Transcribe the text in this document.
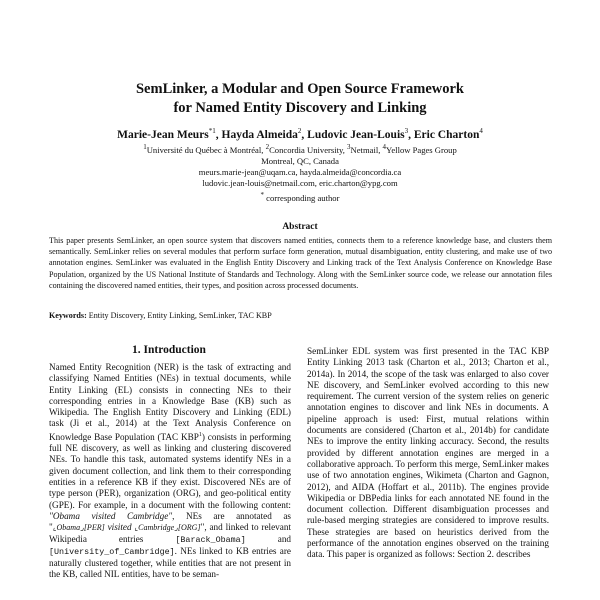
SemLinker, a Modular and Open Source Framework
for Named Entity Discovery and Linking
Marie-Jean Meurs$^{*1}$, Hayda Almeida$^2$, Ludovic Jean-Louis$^3$, Eric Charton$^4$
$^1$Université du Québec à Montréal, $^2$Concordia University, $^3$Netmail, $^4$Yellow Pages Group
Montreal, QC, Canada
meurs.marie-jean@uqam.ca, hayda.almeida@concordia.ca
ludovic.jean-louis@netmail.com, eric.charton@ypg.com
* corresponding author
Abstract
This paper presents SemLinker, an open source system that discovers named entities, connects them to a reference knowledge base, and clusters them semantically. SemLinker relies on several modules that perform surface form generation, mutual disambiguation, entity clustering, and make use of two annotation engines. SemLinker was evaluated in the English Entity Discovery and Linking track of the Text Analysis Conference on Knowledge Base Population, organized by the US National Institute of Standards and Technology. Along with the SemLinker source code, we release our annotation files containing the discovered named entities, their types, and position across processed documents.
Keywords: Entity Discovery, Entity Linking, SemLinker, TAC KBP
1. Introduction
Named Entity Recognition (NER) is the task of extracting and classifying Named Entities (NEs) in textual documents, while Entity Linking (EL) consists in connecting NEs to their corresponding entries in a Knowledge Base (KB) such as Wikipedia. The English Entity Discovery and Linking (EDL) task (Ji et al., 2014) at the Text Analysis Conference on Knowledge Base Population (TAC KBP$^1$) consists in performing full NE discovery, as well as linking and clustering discovered NEs. To handle this task, automated systems identify NEs in a given document collection, and link them to their corresponding entities in a reference KB if they exist. Discovered NEs are of type person (PER), organization (ORG), and geo-political entity (GPE). For example, in a document with the following content: "Obama visited Cambridge", NEs are annotated as "⌞Obama⌟[PER] visited ⌞Cambridge⌟[ORG]", and linked to relevant Wikipedia entries [Barack_Obama] and [University_of_Cambridge]. NEs linked to KB entries are naturally clustered together, while entities that are not present in the KB, called NIL entities, have to be seman-
SemLinker EDL system was first presented in the TAC KBP Entity Linking 2013 task (Charton et al., 2013; Charton et al., 2014a). In 2014, the scope of the task was enlarged to also cover NE discovery, and SemLinker evolved according to this new requirement. The current version of the system relies on generic annotation engines to discover and link NEs in documents. A pipeline approach is used: First, mutual relations within documents are considered (Charton et al., 2014b) for candidate NEs to improve the entity linking accuracy. Second, the results provided by different annotation engines are merged in a collaborative approach. To perform this merge, SemLinker makes use of two annotation engines, Wikimeta (Charton and Gagnon, 2012), and AIDA (Hoffart et al., 2011b). The engines provide Wikipedia or DBPedia links for each annotated NE found in the document collection. Different disambiguation processes and rule-based merging strategies are considered to improve results. These strategies are based on heuristics derived from the performance of the annotation engines observed on the training data. This paper is organized as follows: Section 2. describes
